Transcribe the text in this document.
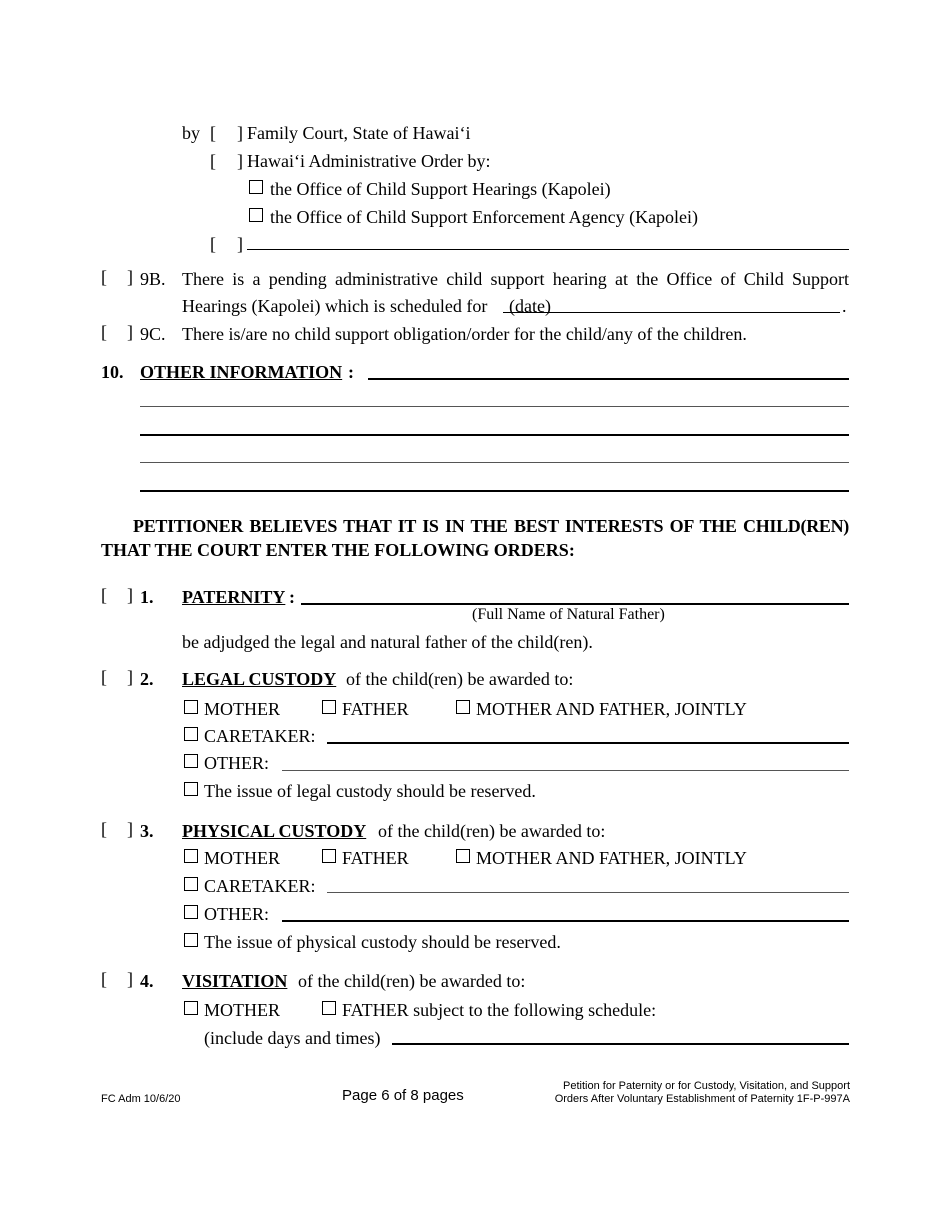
by [ ] Family Court, State of Hawai‘i
[ ] Hawai‘i Administrative Order by:
the Office of Child Support Hearings (Kapolei)
the Office of Child Support Enforcement Agency (Kapolei)
[ ]
[ ] 9B. There is a pending administrative child support hearing at the Office of Child Support
Hearings (Kapolei) which is scheduled for (date)	.
[ ] 9C. There is/are no child support obligation/order for the child/any of the children.
10. OTHER INFORMATION :
PETITIONER BELIEVES THAT IT IS IN THE BEST INTERESTS OF THE CHILD(REN)
THAT THE COURT ENTER THE FOLLOWING ORDERS:
[ ] 1. PATERNITY :
(Full Name of Natural Father)
be adjudged the legal and natural father of the child(ren).
[ ] 2. LEGAL CUSTODY of the child(ren) be awarded to:
MOTHER	FATHER	MOTHER AND FATHER, JOINTLY
CARETAKER:
OTHER:
The issue of legal custody should be reserved.
[ ] 3. PHYSICAL CUSTODY of the child(ren) be awarded to:
MOTHER	FATHER	MOTHER AND FATHER, JOINTLY
CARETAKER:
OTHER:
The issue of physical custody should be reserved.
[ ] 4. VISITATION of the child(ren) be awarded to:
MOTHER	FATHER subject to the following schedule:
(include days and times)
FC Adm 10/6/20	Page 6 of 8 pages
Petition for Paternity or for Custody, Visitation, and Support
Orders After Voluntary Establishment of Paternity 1F-P-997A
